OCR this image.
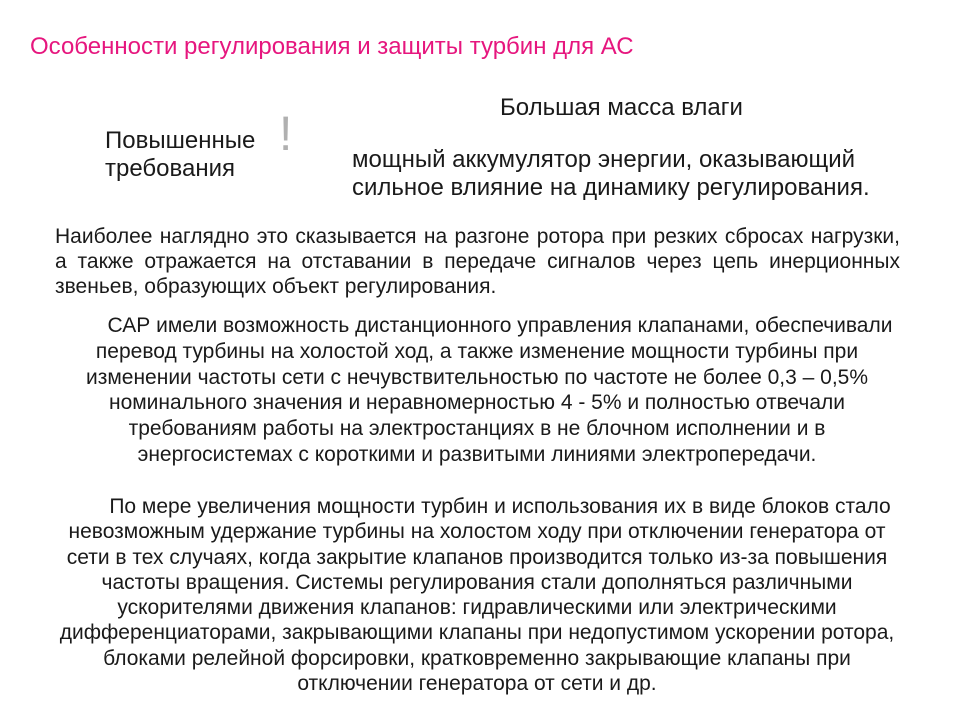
Особенности регулирования и защиты турбин для АС
Большая масса влаги
Повышенные
требования
! мощный аккумулятор энергии, оказывающий
сильное влияние на динамику регулирования.
Наиболее наглядно это сказывается на разгоне ротора при резких сбросах нагрузки,
а также отражается на отставании в передаче сигналов через цепь инерционных
звеньев, образующих объект регулирования.
САР имели возможность дистанционного управления клапанами, обеспечивали
перевод турбины на холостой ход, а также изменение мощности турбины при
изменении частоты сети с нечувствительностью по частоте не более 0,3 – 0,5%
номинального значения и неравномерностью 4 - 5% и полностью отвечали
требованиям работы на электростанциях в не блочном исполнении и в
энергосистемах с короткими и развитыми линиями электропередачи.
По мере увеличения мощности турбин и использования их в виде блоков стало
невозможным удержание турбины на холостом ходу при отключении генератора от
сети в тех случаях, когда закрытие клапанов производится только из-за повышения
частоты вращения. Системы регулирования стали дополняться различными
ускорителями движения клапанов: гидравлическими или электрическими
дифференциаторами, закрывающими клапаны при недопустимом ускорении ротора,
блоками релейной форсировки, кратковременно закрывающие клапаны при
отключении генератора от сети и др.
